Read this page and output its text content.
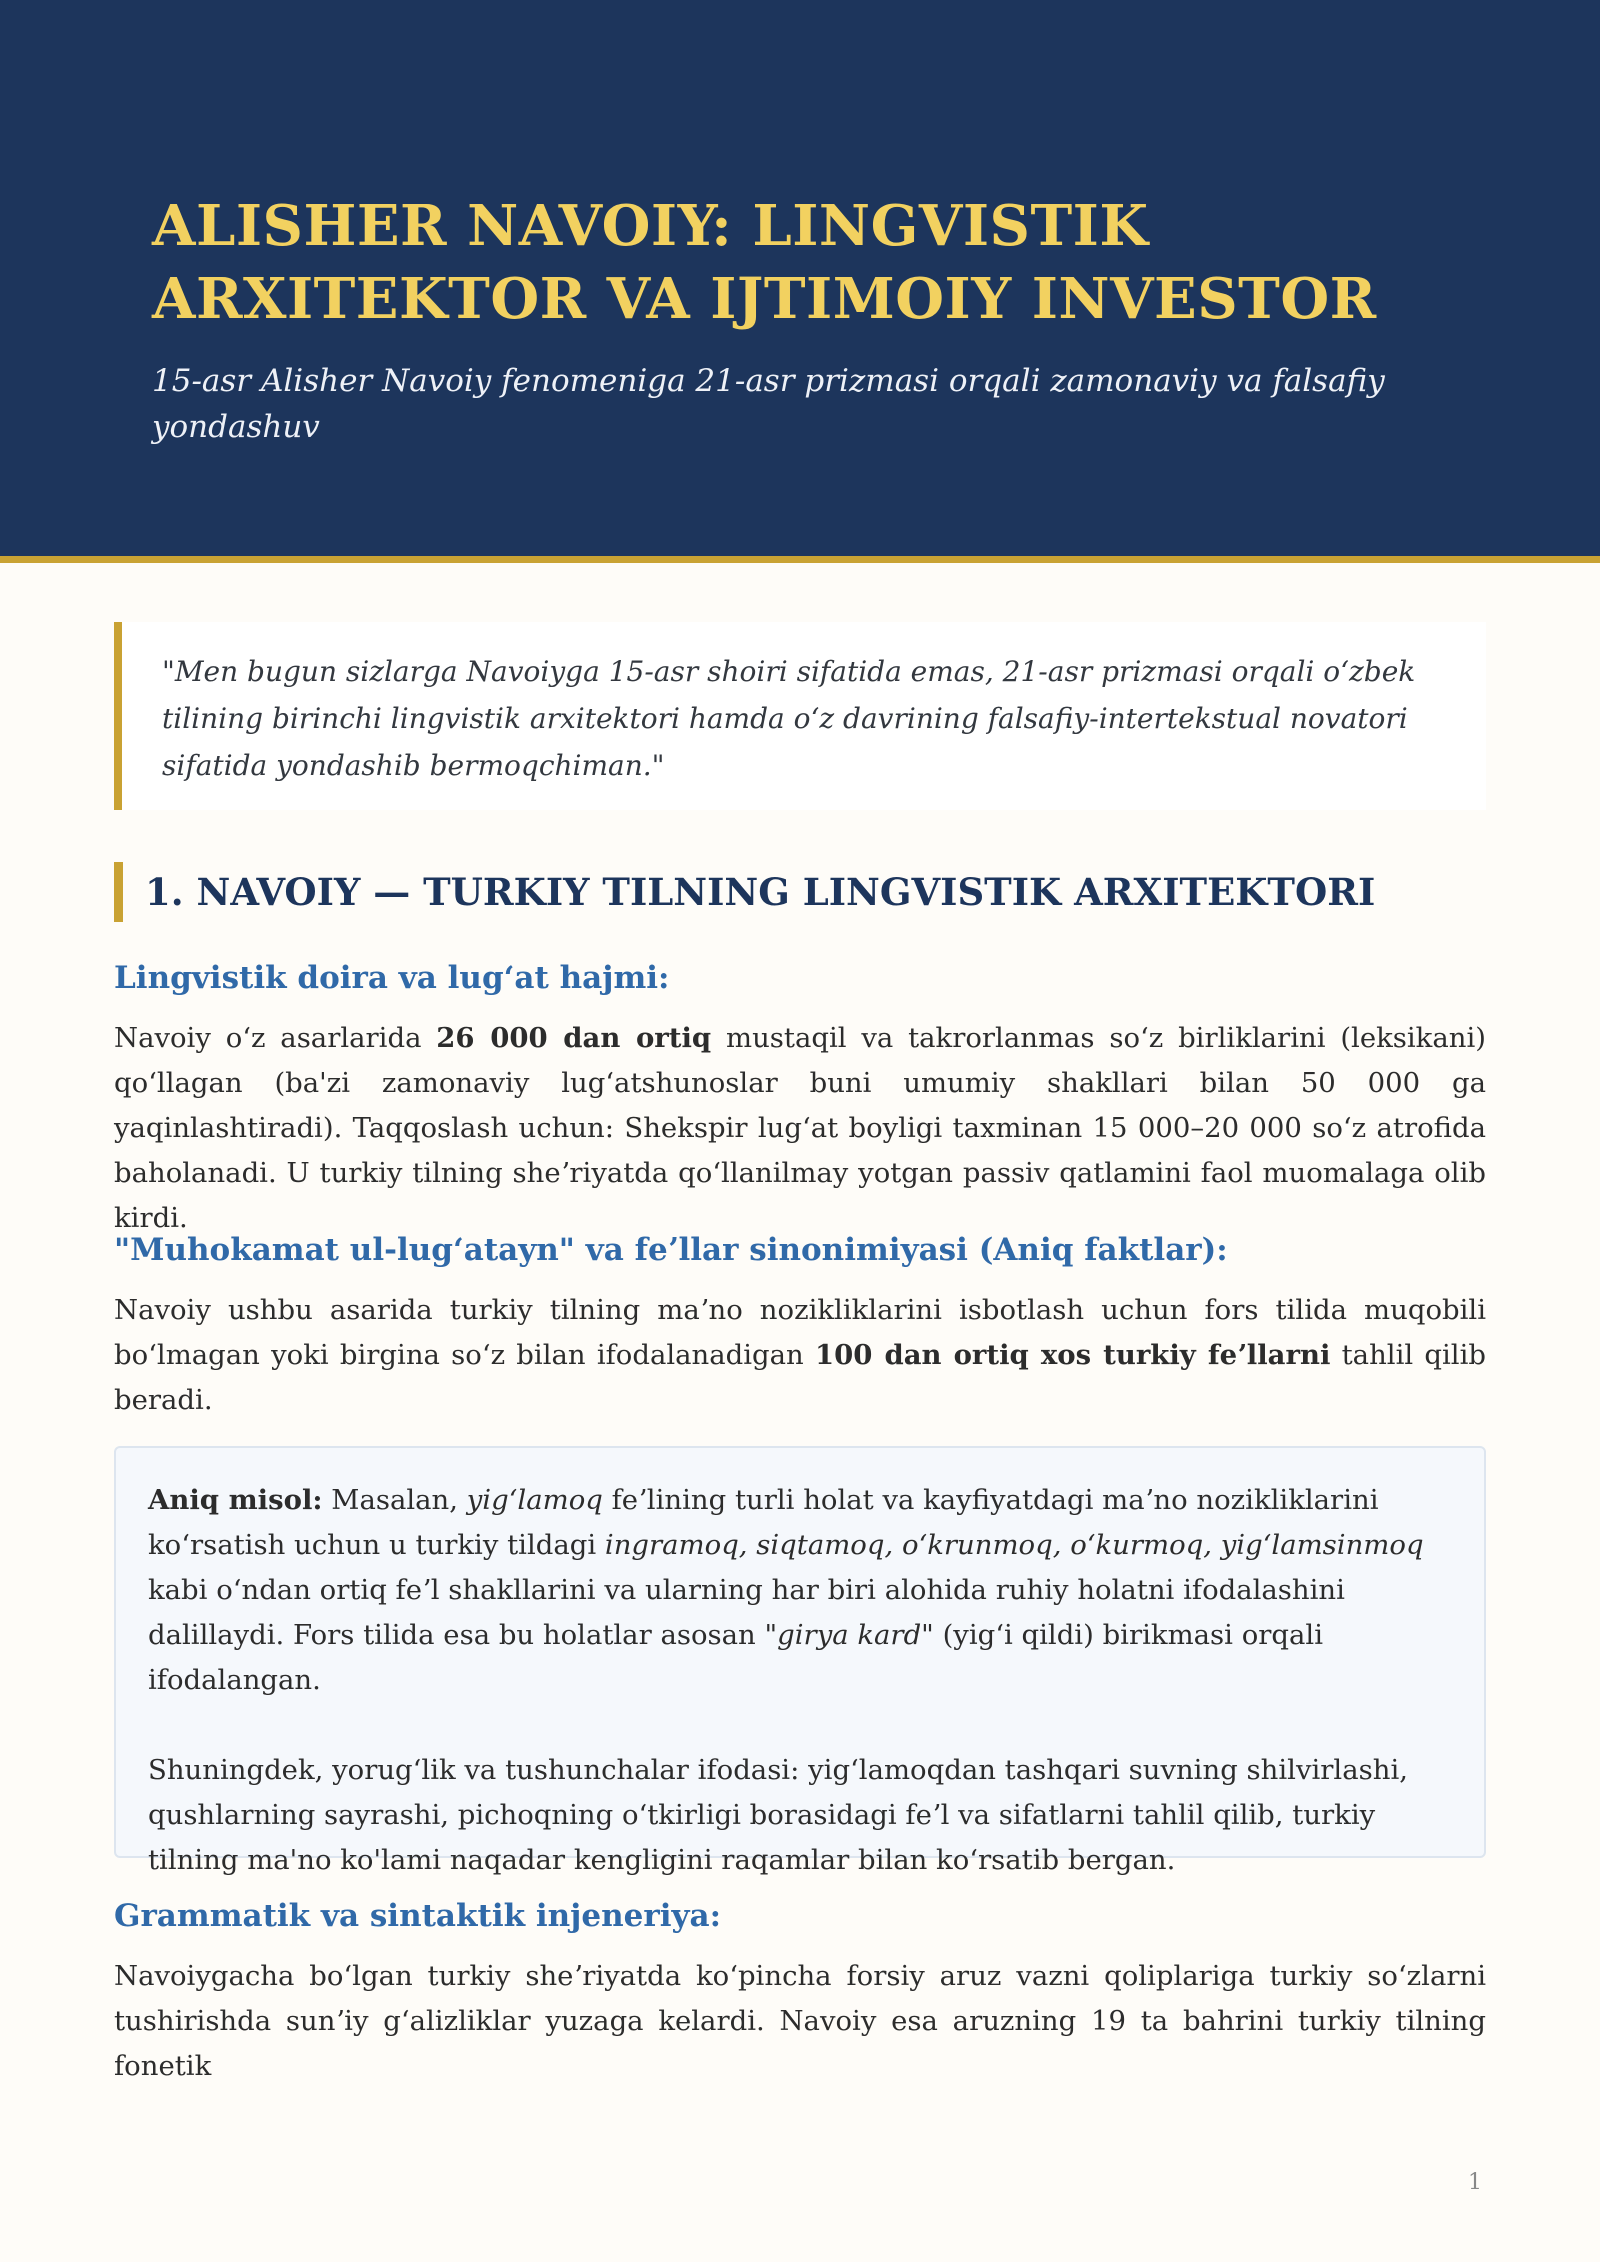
ALISHER NAVOIY: LINGVISTIK ARXITEKTOR VA IJTIMOIY INVESTOR
15-asr Alisher Navoiy fenomeniga 21-asr prizmasi orqali zamonaviy va falsafiy yondashuv
"Men bugun sizlarga Navoiyga 15-asr shoiri sifatida emas, 21-asr prizmasi orqali oʻzbek tilining birinchi lingvistik arxitektori hamda oʻz davrining falsafiy-intertekstual novatori sifatida yondashib bermoqchiman."
1. NAVOIY — TURKIY TILNING LINGVISTIK ARXITEKTORI
Lingvistik doira va lugʻat hajmi:

Navoiy oʻz asarlarida 26 000 dan ortiq mustaqil va takrorlanmas soʻz birliklarini (leksikani) qoʻllagan (ba'zi zamonaviy lugʻatshunoslar buni umumiy shakllari bilan 50 000 ga yaqinlashtiradi). Taqqoslash uchun: Shekspir lugʻat boyligi taxminan 15 000–20 000 soʻz atrofida baholanadi. U turkiy tilning sheʼriyatda qoʻllanilmay yotgan passiv qatlamini faol muomalaga olib kirdi.

"Muhokamat ul-lugʻatayn" va feʼllar sinonimiyasi (Aniq faktlar):

Navoiy ushbu asarida turkiy tilning maʼno nozikliklarini isbotlash uchun fors tilida muqobili boʻlmagan yoki birgina soʻz bilan ifodalanadigan 100 dan ortiq xos turkiy feʼllarni tahlil qilib beradi.

Aniq misol: Masalan, yigʻlamoq feʼlining turli holat va kayfiyatdagi maʼno nozikliklarini koʻrsatish uchun u turkiy tildagi ingramoq, siqtamoq, oʻkrunmoq, oʻkurmoq, yigʻlamsinmoq kabi oʻndan ortiq feʼl shakllarini va ularning har biri alohida ruhiy holatni ifodalashini dalillaydi. Fors tilida esa bu holatlar asosan "girya kard" (yigʻi qildi) birikmasi orqali ifodalangan.

Shuningdek, yorugʻlik va tushunchalar ifodasi: yigʻlamoqdan tashqari suvning shilvirlashi, qushlarning sayrashi, pichoqning oʻtkirligi borasidagi feʼl va sifatlarni tahlil qilib, turkiy tilning ma'no ko'lami naqadar kengligini raqamlar bilan koʻrsatib bergan.

Grammatik va sintaktik injeneriya:

Navoiygacha boʻlgan turkiy sheʼriyatda koʻpincha forsiy aruz vazni qoliplariga turkiy soʻzlarni tushirishda sunʼiy gʻalizliklar yuzaga kelardi. Navoiy esa aruzning 19 ta bahrini turkiy tilning fonetik

1
